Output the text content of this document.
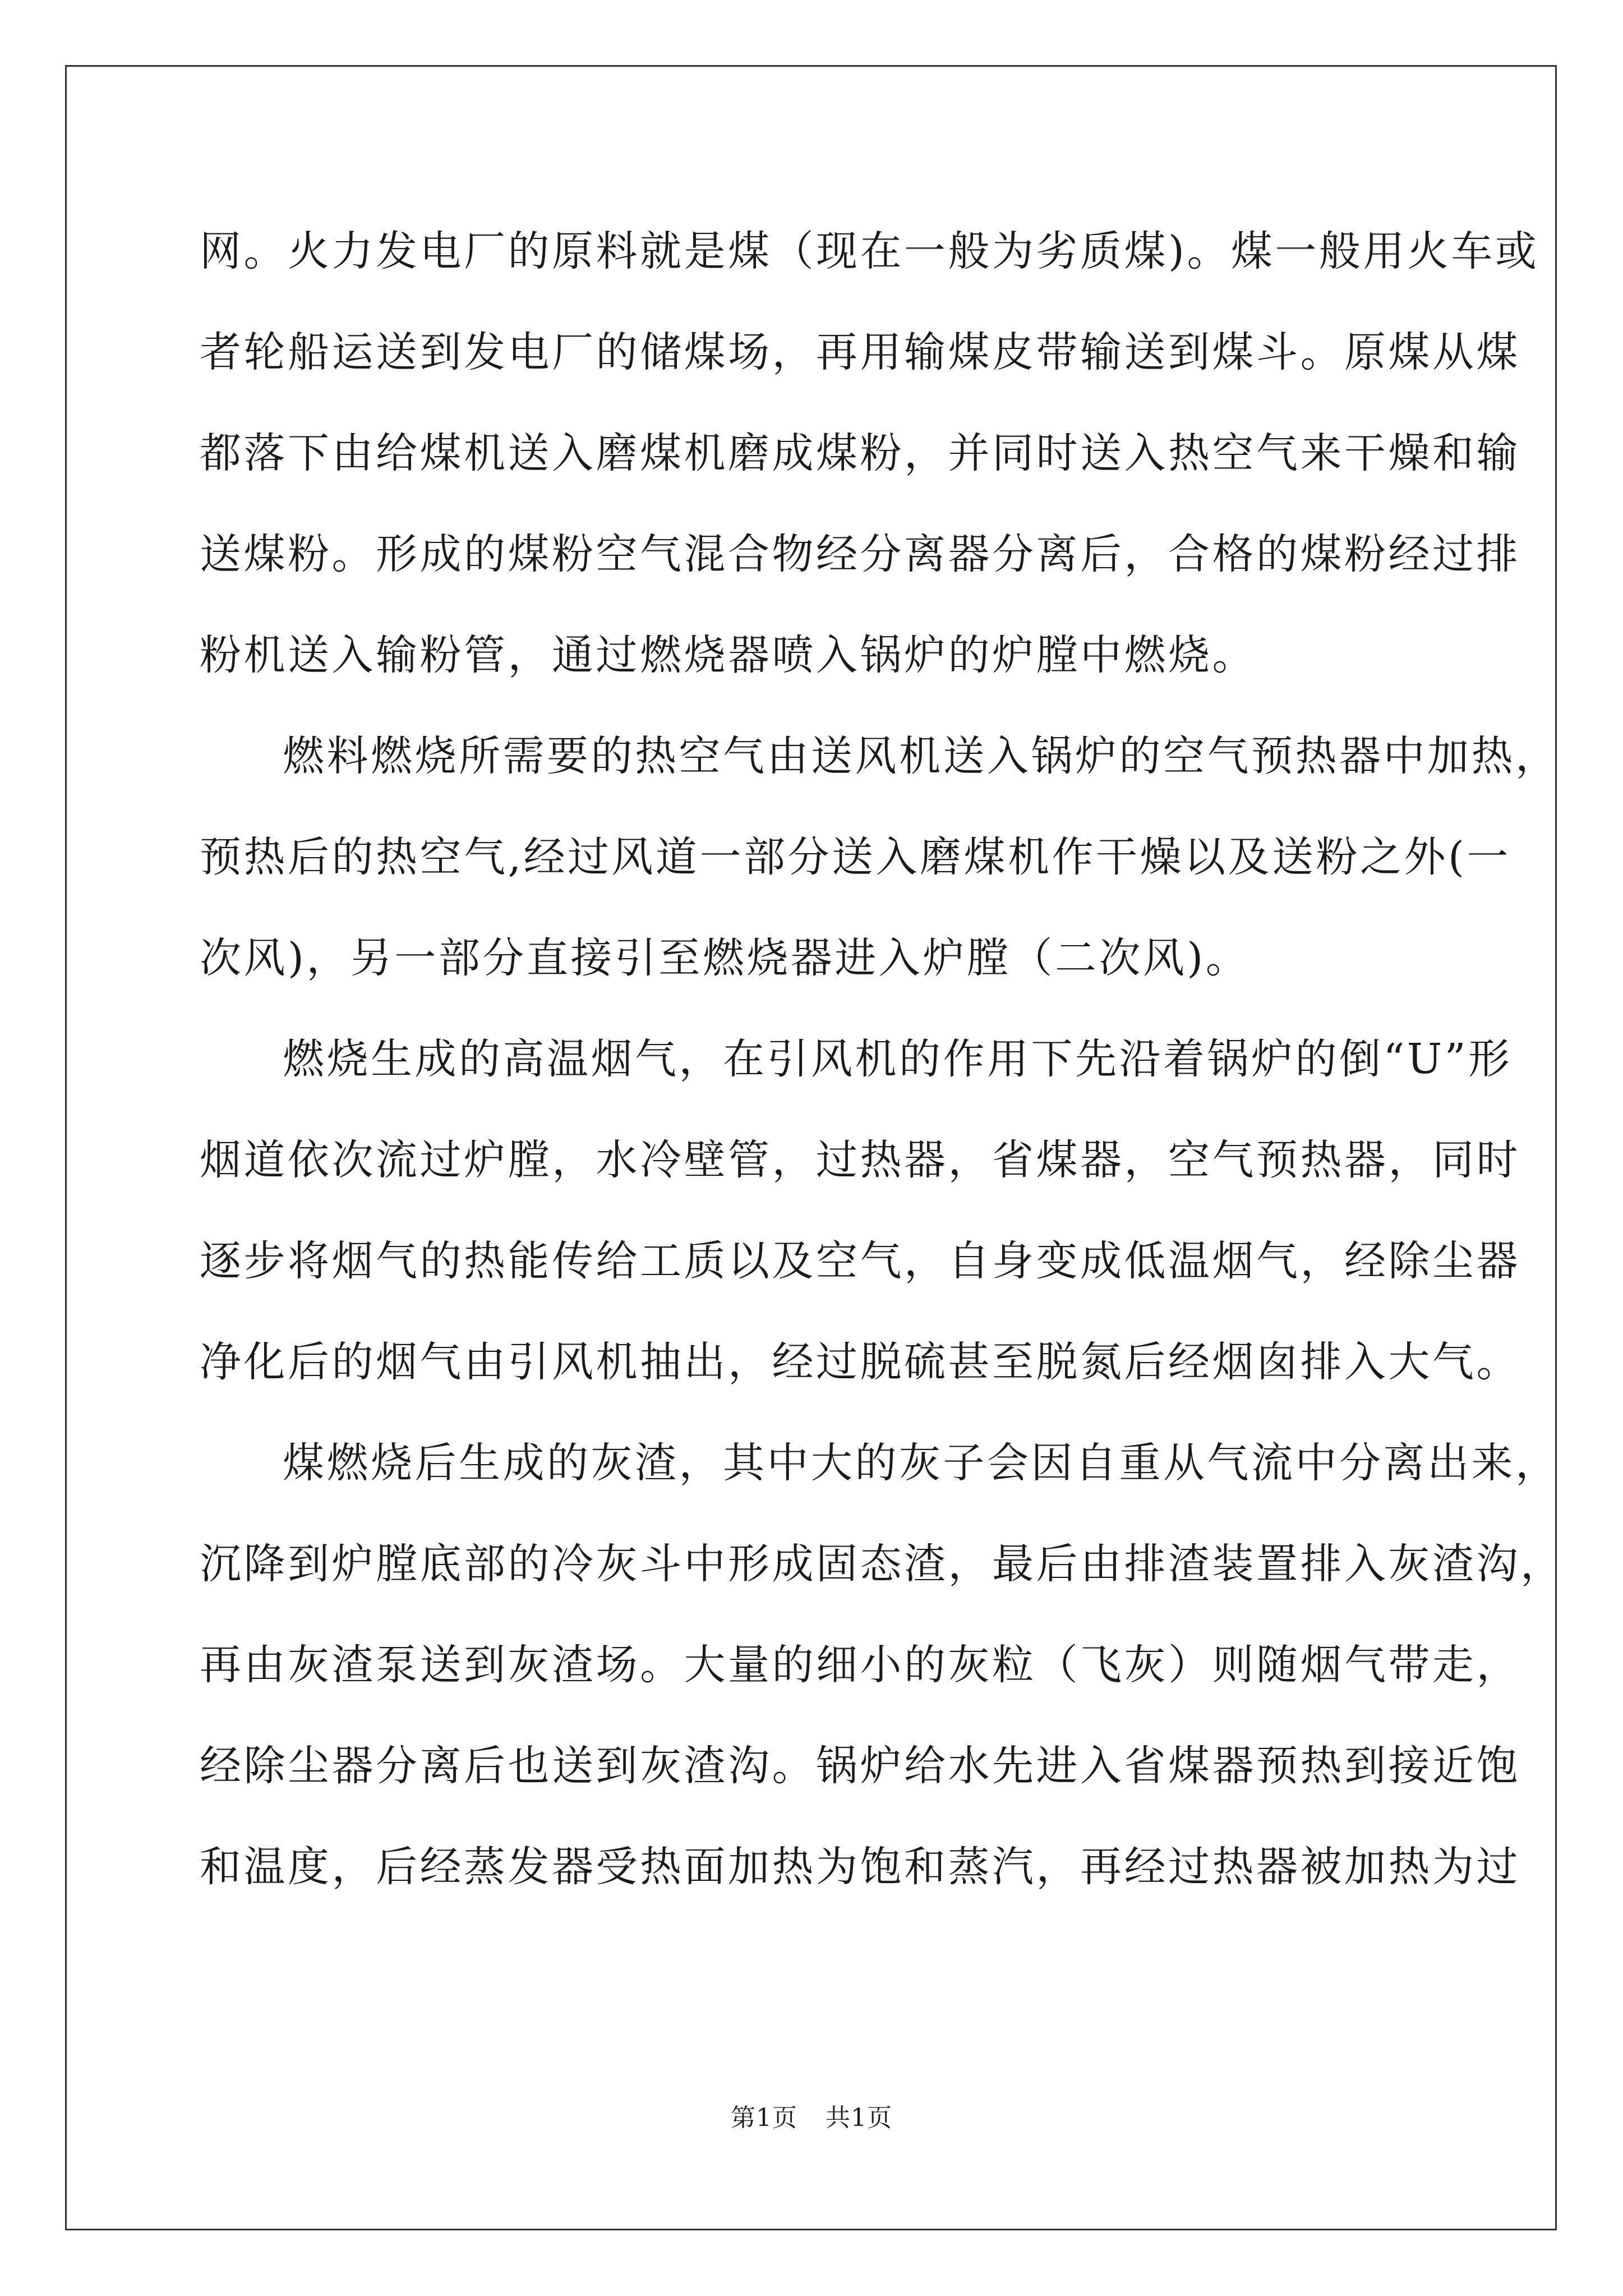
网。火力发电厂的原料就是煤（现在一般为劣质煤)。煤一般用火车或
者轮船运送到发电厂的储煤场，再用输煤皮带输送到煤斗。原煤从煤
都落下由给煤机送入磨煤机磨成煤粉，并同时送入热空气来干燥和输
送煤粉。形成的煤粉空气混合物经分离器分离后，合格的煤粉经过排
粉机送入输粉管，通过燃烧器喷入锅炉的炉膛中燃烧。
燃料燃烧所需要的热空气由送风机送入锅炉的空气预热器中加热，
预热后的热空气,经过风道一部分送入磨煤机作干燥以及送粉之外(一
次风)，另一部分直接引至燃烧器进入炉膛（二次风)。
燃烧生成的高温烟气，在引风机的作用下先沿着锅炉的倒“U”形
烟道依次流过炉膛，水冷壁管，过热器，省煤器，空气预热器，同时
逐步将烟气的热能传给工质以及空气，自身变成低温烟气，经除尘器
净化后的烟气由引风机抽出，经过脱硫甚至脱氮后经烟囱排入大气。
煤燃烧后生成的灰渣，其中大的灰子会因自重从气流中分离出来，
沉降到炉膛底部的冷灰斗中形成固态渣，最后由排渣装置排入灰渣沟，
再由灰渣泵送到灰渣场。大量的细小的灰粒（飞灰）则随烟气带走，
经除尘器分离后也送到灰渣沟。锅炉给水先进入省煤器预热到接近饱
和温度，后经蒸发器受热面加热为饱和蒸汽，再经过热器被加热为过
第1页 共1页
